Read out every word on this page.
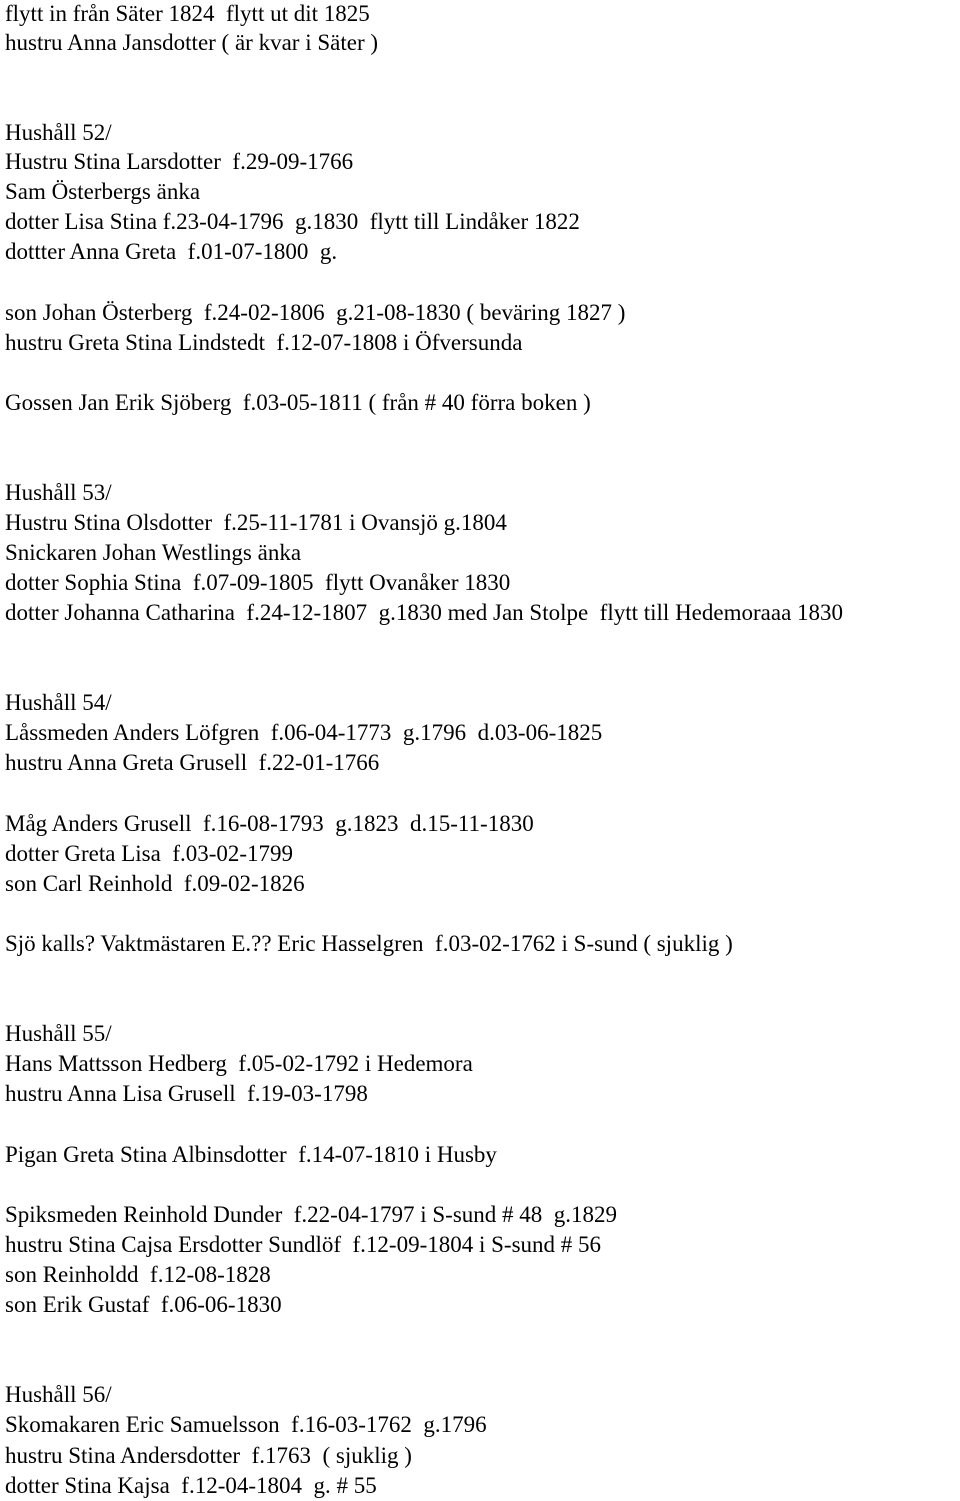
flytt in från Säter 1824  flytt ut dit 1825
hustru Anna Jansdotter ( är kvar i Säter )
Hushåll 52/
Hustru Stina Larsdotter  f.29-09-1766
Sam Österbergs änka
dotter Lisa Stina f.23-04-1796  g.1830  flytt till Lindåker 1822
dottter Anna Greta  f.01-07-1800  g.
son Johan Österberg  f.24-02-1806  g.21-08-1830 ( beväring 1827 )
hustru Greta Stina Lindstedt  f.12-07-1808 i Öfversunda
Gossen Jan Erik Sjöberg  f.03-05-1811 ( från # 40 förra boken )
Hushåll 53/
Hustru Stina Olsdotter  f.25-11-1781 i Ovansjö g.1804
Snickaren Johan Westlings änka
dotter Sophia Stina  f.07-09-1805  flytt Ovanåker 1830
dotter Johanna Catharina  f.24-12-1807  g.1830 med Jan Stolpe  flytt till Hedemoraaa 1830
Hushåll 54/
Låssmeden Anders Löfgren  f.06-04-1773  g.1796  d.03-06-1825
hustru Anna Greta Grusell  f.22-01-1766
Måg Anders Grusell  f.16-08-1793  g.1823  d.15-11-1830
dotter Greta Lisa  f.03-02-1799
son Carl Reinhold  f.09-02-1826
Sjö kalls? Vaktmästaren E.?? Eric Hasselgren  f.03-02-1762 i S-sund ( sjuklig )
Hushåll 55/
Hans Mattsson Hedberg  f.05-02-1792 i Hedemora
hustru Anna Lisa Grusell  f.19-03-1798
Pigan Greta Stina Albinsdotter  f.14-07-1810 i Husby
Spiksmeden Reinhold Dunder  f.22-04-1797 i S-sund # 48  g.1829
hustru Stina Cajsa Ersdotter Sundlöf  f.12-09-1804 i S-sund # 56
son Reinholdd  f.12-08-1828
son Erik Gustaf  f.06-06-1830
Hushåll 56/
Skomakaren Eric Samuelsson  f.16-03-1762  g.1796
hustru Stina Andersdotter  f.1763  ( sjuklig )
dotter Stina Kajsa  f.12-04-1804  g. # 55
